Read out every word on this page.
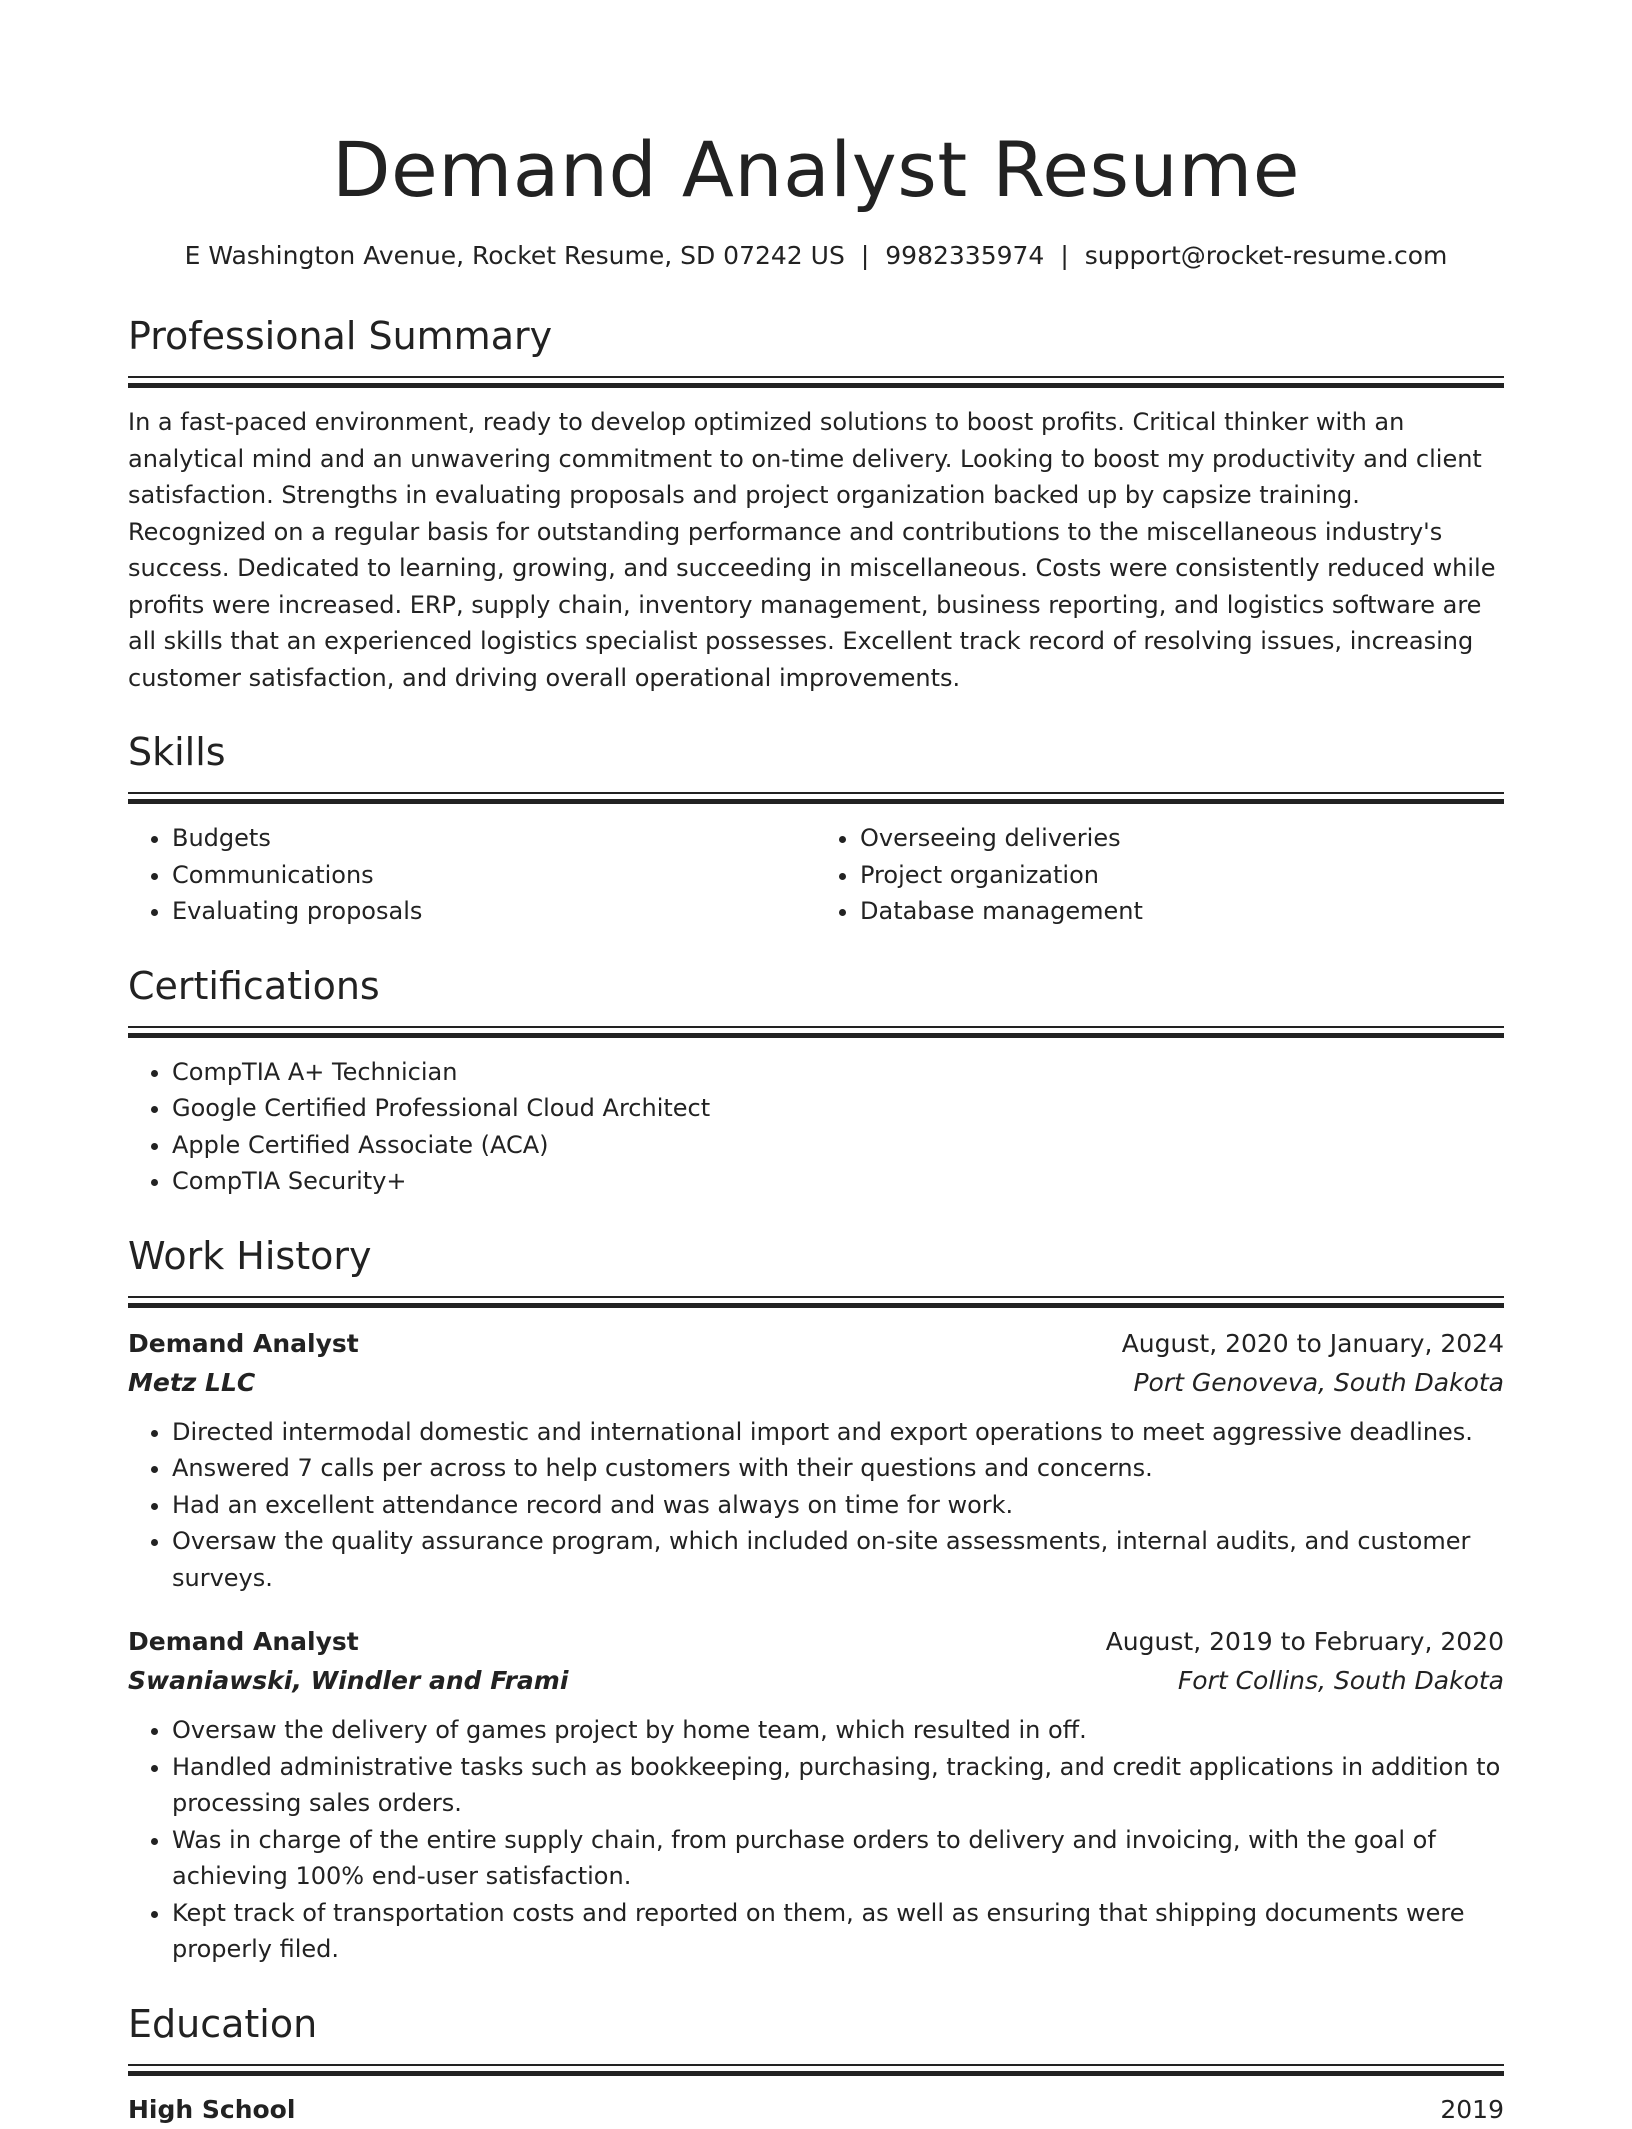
Demand Analyst Resume
E Washington Avenue, Rocket Resume, SD 07242 US | 9982335974 | support@rocket-resume.com
Professional Summary

In a fast-paced environment, ready to develop optimized solutions to boost profits. Critical thinker with an analytical mind and an unwavering commitment to on-time delivery. Looking to boost my productivity and client satisfaction. Strengths in evaluating proposals and project organization backed up by capsize training. Recognized on a regular basis for outstanding performance and contributions to the miscellaneous industry's success. Dedicated to learning, growing, and succeeding in miscellaneous. Costs were consistently reduced while profits were increased. ERP, supply chain, inventory management, business reporting, and logistics software are all skills that an experienced logistics specialist possesses. Excellent track record of resolving issues, increasing customer satisfaction, and driving overall operational improvements.

Skills
• Budgets
• Communications
• Evaluating proposals
• Overseeing deliveries
• Project organization
• Database management
Certifications
• CompTIA A+ Technician
• Google Certified Professional Cloud Architect
• Apple Certified Associate (ACA)
• CompTIA Security+
Work History
Demand Analyst	August, 2020 to January, 2024
Metz LLC	Port Genoveva, South Dakota
• Directed intermodal domestic and international import and export operations to meet aggressive deadlines.
• Answered 7 calls per across to help customers with their questions and concerns.
• Had an excellent attendance record and was always on time for work.
• Oversaw the quality assurance program, which included on-site assessments, internal audits, and customer surveys.
Demand Analyst	August, 2019 to February, 2020
Swaniawski, Windler and Frami	Fort Collins, South Dakota
• Oversaw the delivery of games project by home team, which resulted in off.
• Handled administrative tasks such as bookkeeping, purchasing, tracking, and credit applications in addition to processing sales orders.
• Was in charge of the entire supply chain, from purchase orders to delivery and invoicing, with the goal of achieving 100% end-user satisfaction.
• Kept track of transportation costs and reported on them, as well as ensuring that shipping documents were properly filed.
Education
High School	2019
